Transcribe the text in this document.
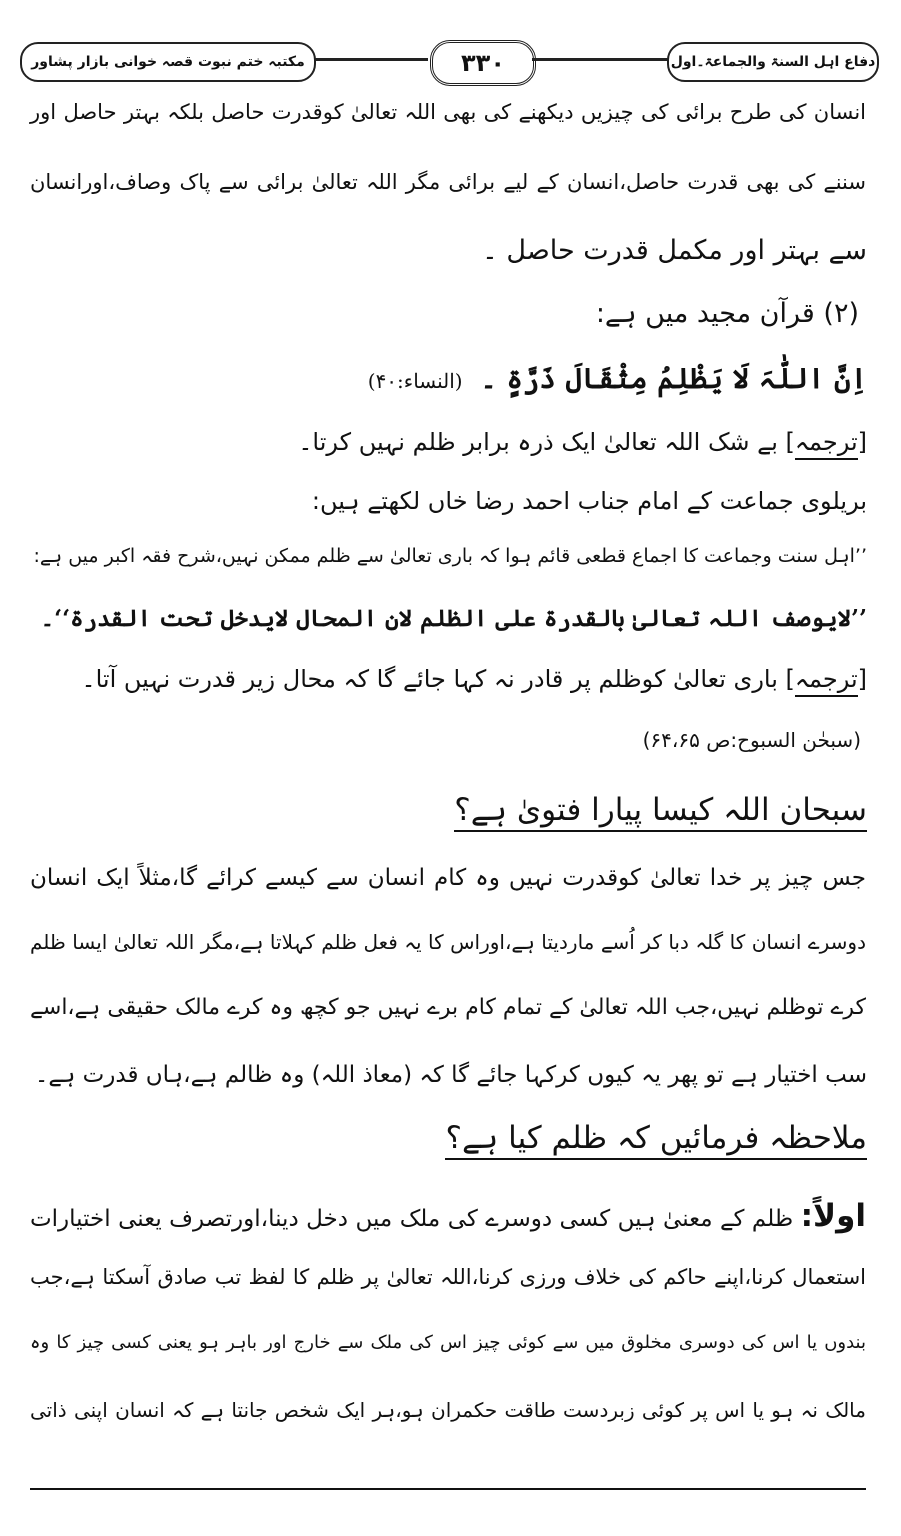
مکتبہ ختم نبوت قصہ خوانی بازار پشاور	۳۳۰	دفاع اہل السنۃ والجماعۃ۔اول
انسان کی طرح برائی کی چیزیں دیکھنے کی بھی اللہ تعالیٰ کوقدرت حاصل بلکہ بہتر حاصل اور
سننے کی بھی قدرت حاصل،انسان کے لیے برائی مگر اللہ تعالیٰ برائی سے پاک وصاف،اورانسان
سے بہتر اور مکمل قدرت حاصل ۔
(۲) قرآن مجید میں ہے:
اِنَّ اللّٰہَ لَا یَظْلِمُ مِثْقَالَ ذَرَّۃٍ ۔ (النساء:۴۰)
[ترجمہ] بے شک اللہ تعالیٰ ایک ذرہ برابر ظلم نہیں کرتا۔
بریلوی جماعت کے امام جناب احمد رضا خاں لکھتے ہیں:
’’اہل سنت وجماعت کا اجماع قطعی قائم ہوا کہ باری تعالیٰ سے ظلم ممکن نہیں،شرح فقہ اکبر میں ہے:
’’لایوصف اللہ تعالیٰ بالقدرۃ علی الظلم لان المحال لایدخل تحت القدرۃ‘‘۔
[ترجمہ] باری تعالیٰ کوظلم پر قادر نہ کہا جائے گا کہ محال زیر قدرت نہیں آتا۔
(سبحٰن السبوح:ص ۶۴،۶۵)
سبحان اللہ کیسا پیارا فتویٰ ہے؟
جس چیز پر خدا تعالیٰ کوقدرت نہیں وہ کام انسان سے کیسے کرائے گا،مثلاً ایک انسان
دوسرے انسان کا گلہ دبا کر اُسے ماردیتا ہے،اوراس کا یہ فعل ظلم کہلاتا ہے،مگر اللہ تعالیٰ ایسا ظلم
کرے توظلم نہیں،جب اللہ تعالیٰ کے تمام کام برے نہیں جو کچھ وہ کرے مالک حقیقی ہے،اسے
سب اختیار ہے تو پھر یہ کیوں کرکہا جائے گا کہ (معاذ اللہ) وہ ظالم ہے،ہاں قدرت ہے۔
ملاحظہ فرمائیں کہ ظلم کیا ہے؟
اولاً: ظلم کے معنیٰ ہیں کسی دوسرے کی ملک میں دخل دینا،اورتصرف یعنی اختیارات
استعمال کرنا،اپنے حاکم کی خلاف ورزی کرنا،اللہ تعالیٰ پر ظلم کا لفظ تب صادق آسکتا ہے،جب
بندوں یا اس کی دوسری مخلوق میں سے کوئی چیز اس کی ملک سے خارج اور باہر ہو یعنی کسی چیز کا وہ
مالک نہ ہو یا اس پر کوئی زبردست طاقت حکمران ہو،ہر ایک شخص جانتا ہے کہ انسان اپنی ذاتی
